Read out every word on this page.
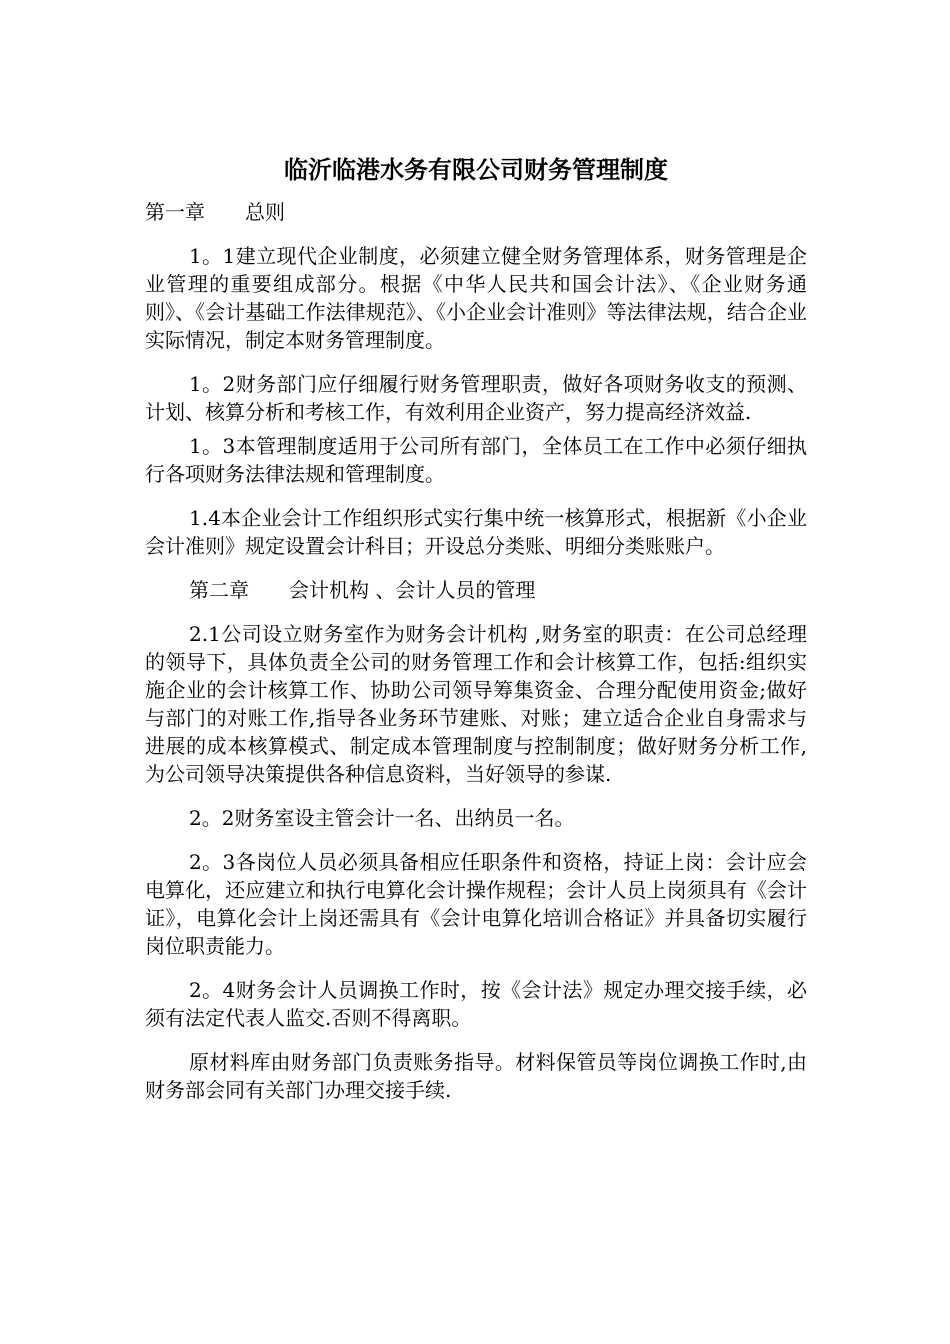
临沂临港水务有限公司财务管理制度
第一章　　总则

1。1建立现代企业制度，必须建立健全财务管理体系，财务管理是企业管理的重要组成部分。根据《中华人民共和国会计法》、《企业财务通则》、《会计基础工作法律规范》、《小企业会计准则》等法律法规，结合企业实际情况，制定本财务管理制度。

1。2财务部门应仔细履行财务管理职责，做好各项财务收支的预测、计划、核算分析和考核工作，有效利用企业资产，努力提高经济效益.

1。3本管理制度适用于公司所有部门，全体员工在工作中必须仔细执行各项财务法律法规和管理制度。

1.4本企业会计工作组织形式实行集中统一核算形式，根据新《小企业会计准则》规定设置会计科目；开设总分类账、明细分类账账户。

第二章　　会计机构 、会计人员的管理

2.1公司设立财务室作为财务会计机构 ,财务室的职责：在公司总经理的领导下，具体负责全公司的财务管理工作和会计核算工作，包括:组织实施企业的会计核算工作、协助公司领导筹集资金、合理分配使用资金;做好与部门的对账工作,指导各业务环节建账、对账；建立适合企业自身需求与进展的成本核算模式、制定成本管理制度与控制制度；做好财务分析工作,为公司领导决策提供各种信息资料，当好领导的参谋.

2。2财务室设主管会计一名、出纳员一名。

2。3各岗位人员必须具备相应任职条件和资格，持证上岗：会计应会电算化，还应建立和执行电算化会计操作规程；会计人员上岗须具有《会计证》，电算化会计上岗还需具有《会计电算化培训合格证》并具备切实履行岗位职责能力。

2。4财务会计人员调换工作时，按《会计法》规定办理交接手续，必须有法定代表人监交.否则不得离职。

原材料库由财务部门负责账务指导。材料保管员等岗位调换工作时,由财务部会同有关部门办理交接手续.
